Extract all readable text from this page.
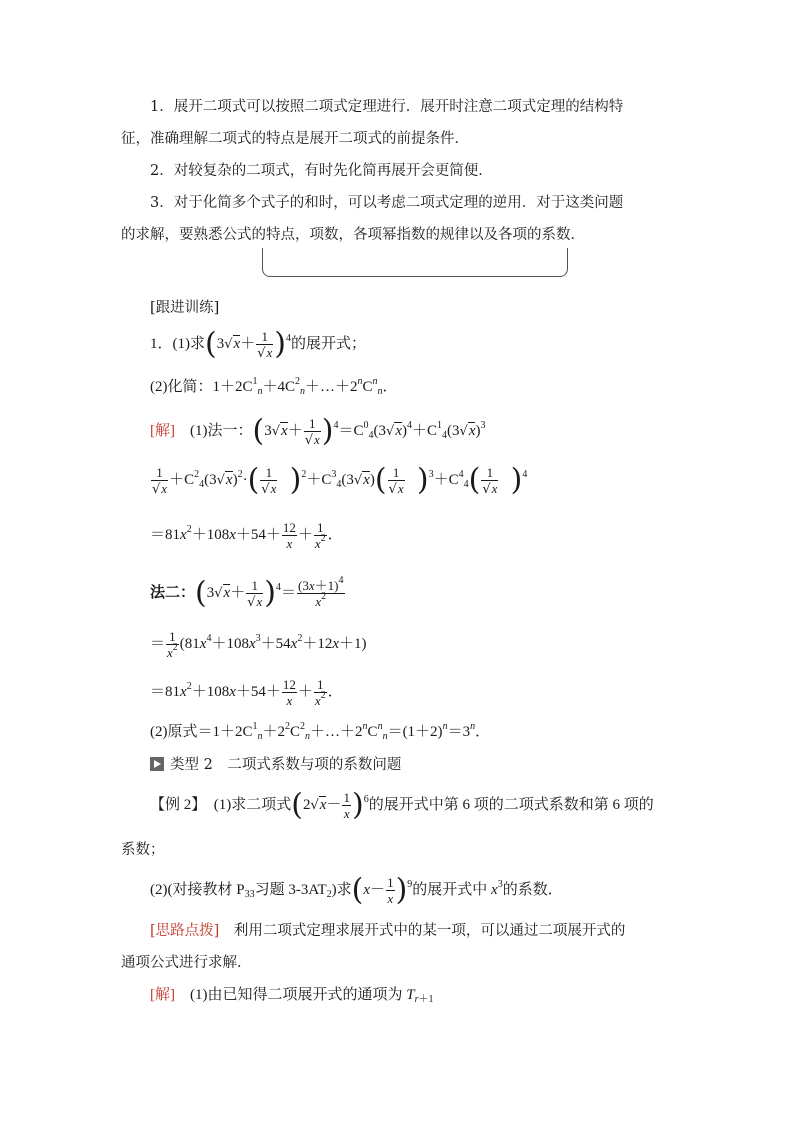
1．展开二项式可以按照二项式定理进行．展开时注意二项式定理的结构特
征，准确理解二项式的特点是展开二项式的前提条件．
2．对较复杂的二项式，有时先化简再展开会更简便．
3．对于化简多个式子的和时，可以考虑二项式定理的逆用．对于这类问题
的求解，要熟悉公式的特点，项数，各项幂指数的规律以及各项的系数．
[跟进训练]
1．(1)求$(3√x+ \frac{1}{√x} )^4$的展开式；
(2)化简：$1+2C^1_n+4C^2_n+\dots+2^nC^n_n$．
[解]　 (1)法一：$(3√x+ \frac{1}{√x} )^4=C^0_4(3√x)^4+C^1_4(3√x)^3$
$\frac{1}{√x} +C^2_4(3√x)^2\cdot( \frac{1}{√x} )^2+C^3_4(3√x)( \frac{1}{√x} )^3+C^4_4( \frac{1}{√x} )^4$
$=81x^2+108x+54+ \frac{12}{x} + \frac{1}{x^2}$ ．
法二：$(3√x+ \frac{1}{√x} )^4= \frac{(3x+1)^4}{x^2}$
＝ $\frac{1}{x^2} (81x^4+108x^3+54x^2+12x+1)$
$=81x^2+108x+54+ \frac{12}{x} + \frac{1}{x^2}$ ．
(2)原式$=1+2C^1_n+2^2C^2_n+\dots+2^nC^n_n=(1+2)^n=3^n$．
类型 2　二项式系数与项的系数问题
【例 2】　 (1)求二项式$(2√x- \frac{1}{x} )^6$的展开式中第 6 项的二项式系数和第 6 项的
系数；
(2)(对接教材 $P_{33}$习题 $3-3AT_2$)求$(x- \frac{1}{x} )^9$的展开式中 $x^3$的系数．
[思路点拨]　 利用二项式定理求展开式中的某一项，可以通过二项展开式的
通项公式进行求解．
[解]　 (1)由已知得二项展开式的通项为 $T_{r+1}$
